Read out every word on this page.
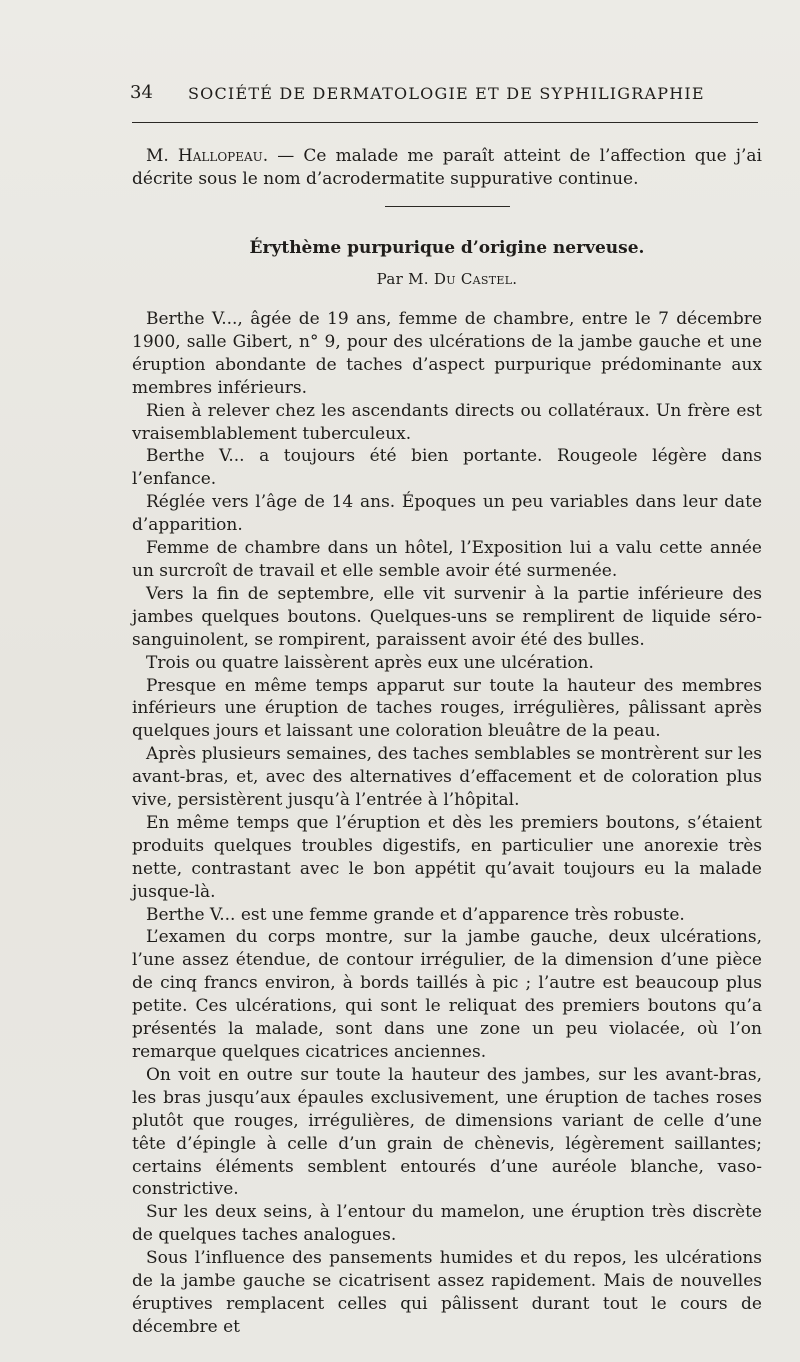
34 SOCIÉTÉ DE DERMATOLOGIE ET DE SYPHILIGRAPHIE

M. Hallopeau. — Ce malade me paraît atteint de l’affection que j’ai décrite sous le nom d’acrodermatite suppurative continue.

Érythème purpurique d’origine nerveuse.
Par M. Du Castel.

Berthe V..., âgée de 19 ans, femme de chambre, entre le 7 décembre 1900, salle Gibert, n° 9, pour des ulcérations de la jambe gauche et une éruption abondante de taches d’aspect purpurique prédominante aux membres inférieurs.

Rien à relever chez les ascendants directs ou collatéraux. Un frère est vraisemblablement tuberculeux.

Berthe V... a toujours été bien portante. Rougeole légère dans l’enfance.

Réglée vers l’âge de 14 ans. Époques un peu variables dans leur date d’apparition.

Femme de chambre dans un hôtel, l’Exposition lui a valu cette année un surcroît de travail et elle semble avoir été surmenée.

Vers la fin de septembre, elle vit survenir à la partie inférieure des jambes quelques boutons. Quelques-uns se remplirent de liquide séro-sanguinolent, se rompirent, paraissent avoir été des bulles.

Trois ou quatre laissèrent après eux une ulcération.

Presque en même temps apparut sur toute la hauteur des membres inférieurs une éruption de taches rouges, irrégulières, pâlissant après quelques jours et laissant une coloration bleuâtre de la peau.

Après plusieurs semaines, des taches semblables se montrèrent sur les avant-bras, et, avec des alternatives d’effacement et de coloration plus vive, persistèrent jusqu’à l’entrée à l’hôpital.

En même temps que l’éruption et dès les premiers boutons, s’étaient produits quelques troubles digestifs, en particulier une anorexie très nette, contrastant avec le bon appétit qu’avait toujours eu la malade jusque-là.

Berthe V... est une femme grande et d’apparence très robuste.

L’examen du corps montre, sur la jambe gauche, deux ulcérations, l’une assez étendue, de contour irrégulier, de la dimension d’une pièce de cinq francs environ, à bords taillés à pic ; l’autre est beaucoup plus petite. Ces ulcérations, qui sont le reliquat des premiers boutons qu’a présentés la malade, sont dans une zone un peu violacée, où l’on remarque quelques cicatrices anciennes.

On voit en outre sur toute la hauteur des jambes, sur les avant-bras, les bras jusqu’aux épaules exclusivement, une éruption de taches roses plutôt que rouges, irrégulières, de dimensions variant de celle d’une tête d’épingle à celle d’un grain de chènevis, légèrement saillantes; certains éléments semblent entourés d’une auréole blanche, vaso-constrictive.

Sur les deux seins, à l’entour du mamelon, une éruption très discrète de quelques taches analogues.

Sous l’influence des pansements humides et du repos, les ulcérations de la jambe gauche se cicatrisent assez rapidement. Mais de nouvelles éruptives remplacent celles qui pâlissent durant tout le cours de décembre et
